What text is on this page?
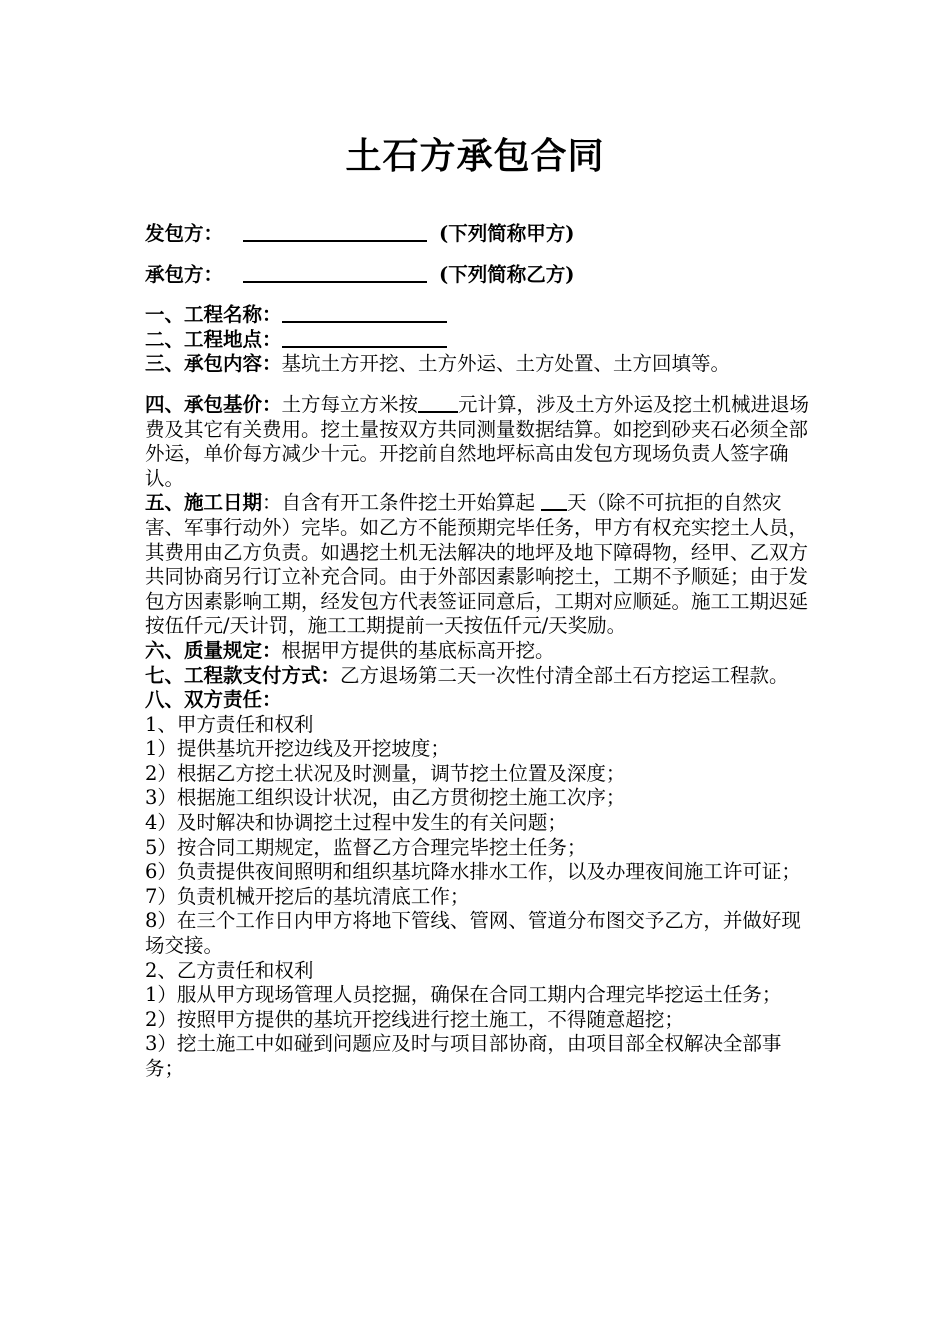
土石方承包合同
发包方：	(下列简称甲方)
承包方：	(下列简称乙方)
一、工程名称：
二、工程地点：

三、承包内容：基坑土方开挖、土方外运、土方处置、土方回填等。

四、承包基价：土方每立方米按 元计算，涉及土方外运及挖土机械进退场费及其它有关费用。挖土量按双方共同测量数据结算。如挖到砂夹石必须全部外运，单价每方减少十元。开挖前自然地坪标高由发包方现场负责人签字确认。

五、施工日期：自含有开工条件挖土开始算起 天（除不可抗拒的自然灾害、军事行动外）完毕。如乙方不能预期完毕任务，甲方有权充实挖土人员，其费用由乙方负责。如遇挖土机无法解决的地坪及地下障碍物，经甲、乙双方共同协商另行订立补充合同。由于外部因素影响挖土，工期不予顺延；由于发包方因素影响工期，经发包方代表签证同意后，工期对应顺延。施工工期迟延按伍仟元/天计罚，施工工期提前一天按伍仟元/天奖励。

六、质量规定：根据甲方提供的基底标高开挖。

七、工程款支付方式：乙方退场第二天一次性付清全部土石方挖运工程款。

八、双方责任：

1、甲方责任和权利

1）提供基坑开挖边线及开挖坡度；

2）根据乙方挖土状况及时测量，调节挖土位置及深度；

3）根据施工组织设计状况，由乙方贯彻挖土施工次序；

4）及时解决和协调挖土过程中发生的有关问题；

5）按合同工期规定，监督乙方合理完毕挖土任务；

6）负责提供夜间照明和组织基坑降水排水工作，以及办理夜间施工许可证；

7）负责机械开挖后的基坑清底工作；

8）在三个工作日内甲方将地下管线、管网、管道分布图交予乙方，并做好现场交接。

2、乙方责任和权利

1）服从甲方现场管理人员挖掘，确保在合同工期内合理完毕挖运土任务；

2）按照甲方提供的基坑开挖线进行挖土施工，不得随意超挖；

3）挖土施工中如碰到问题应及时与项目部协商，由项目部全权解决全部事务；
